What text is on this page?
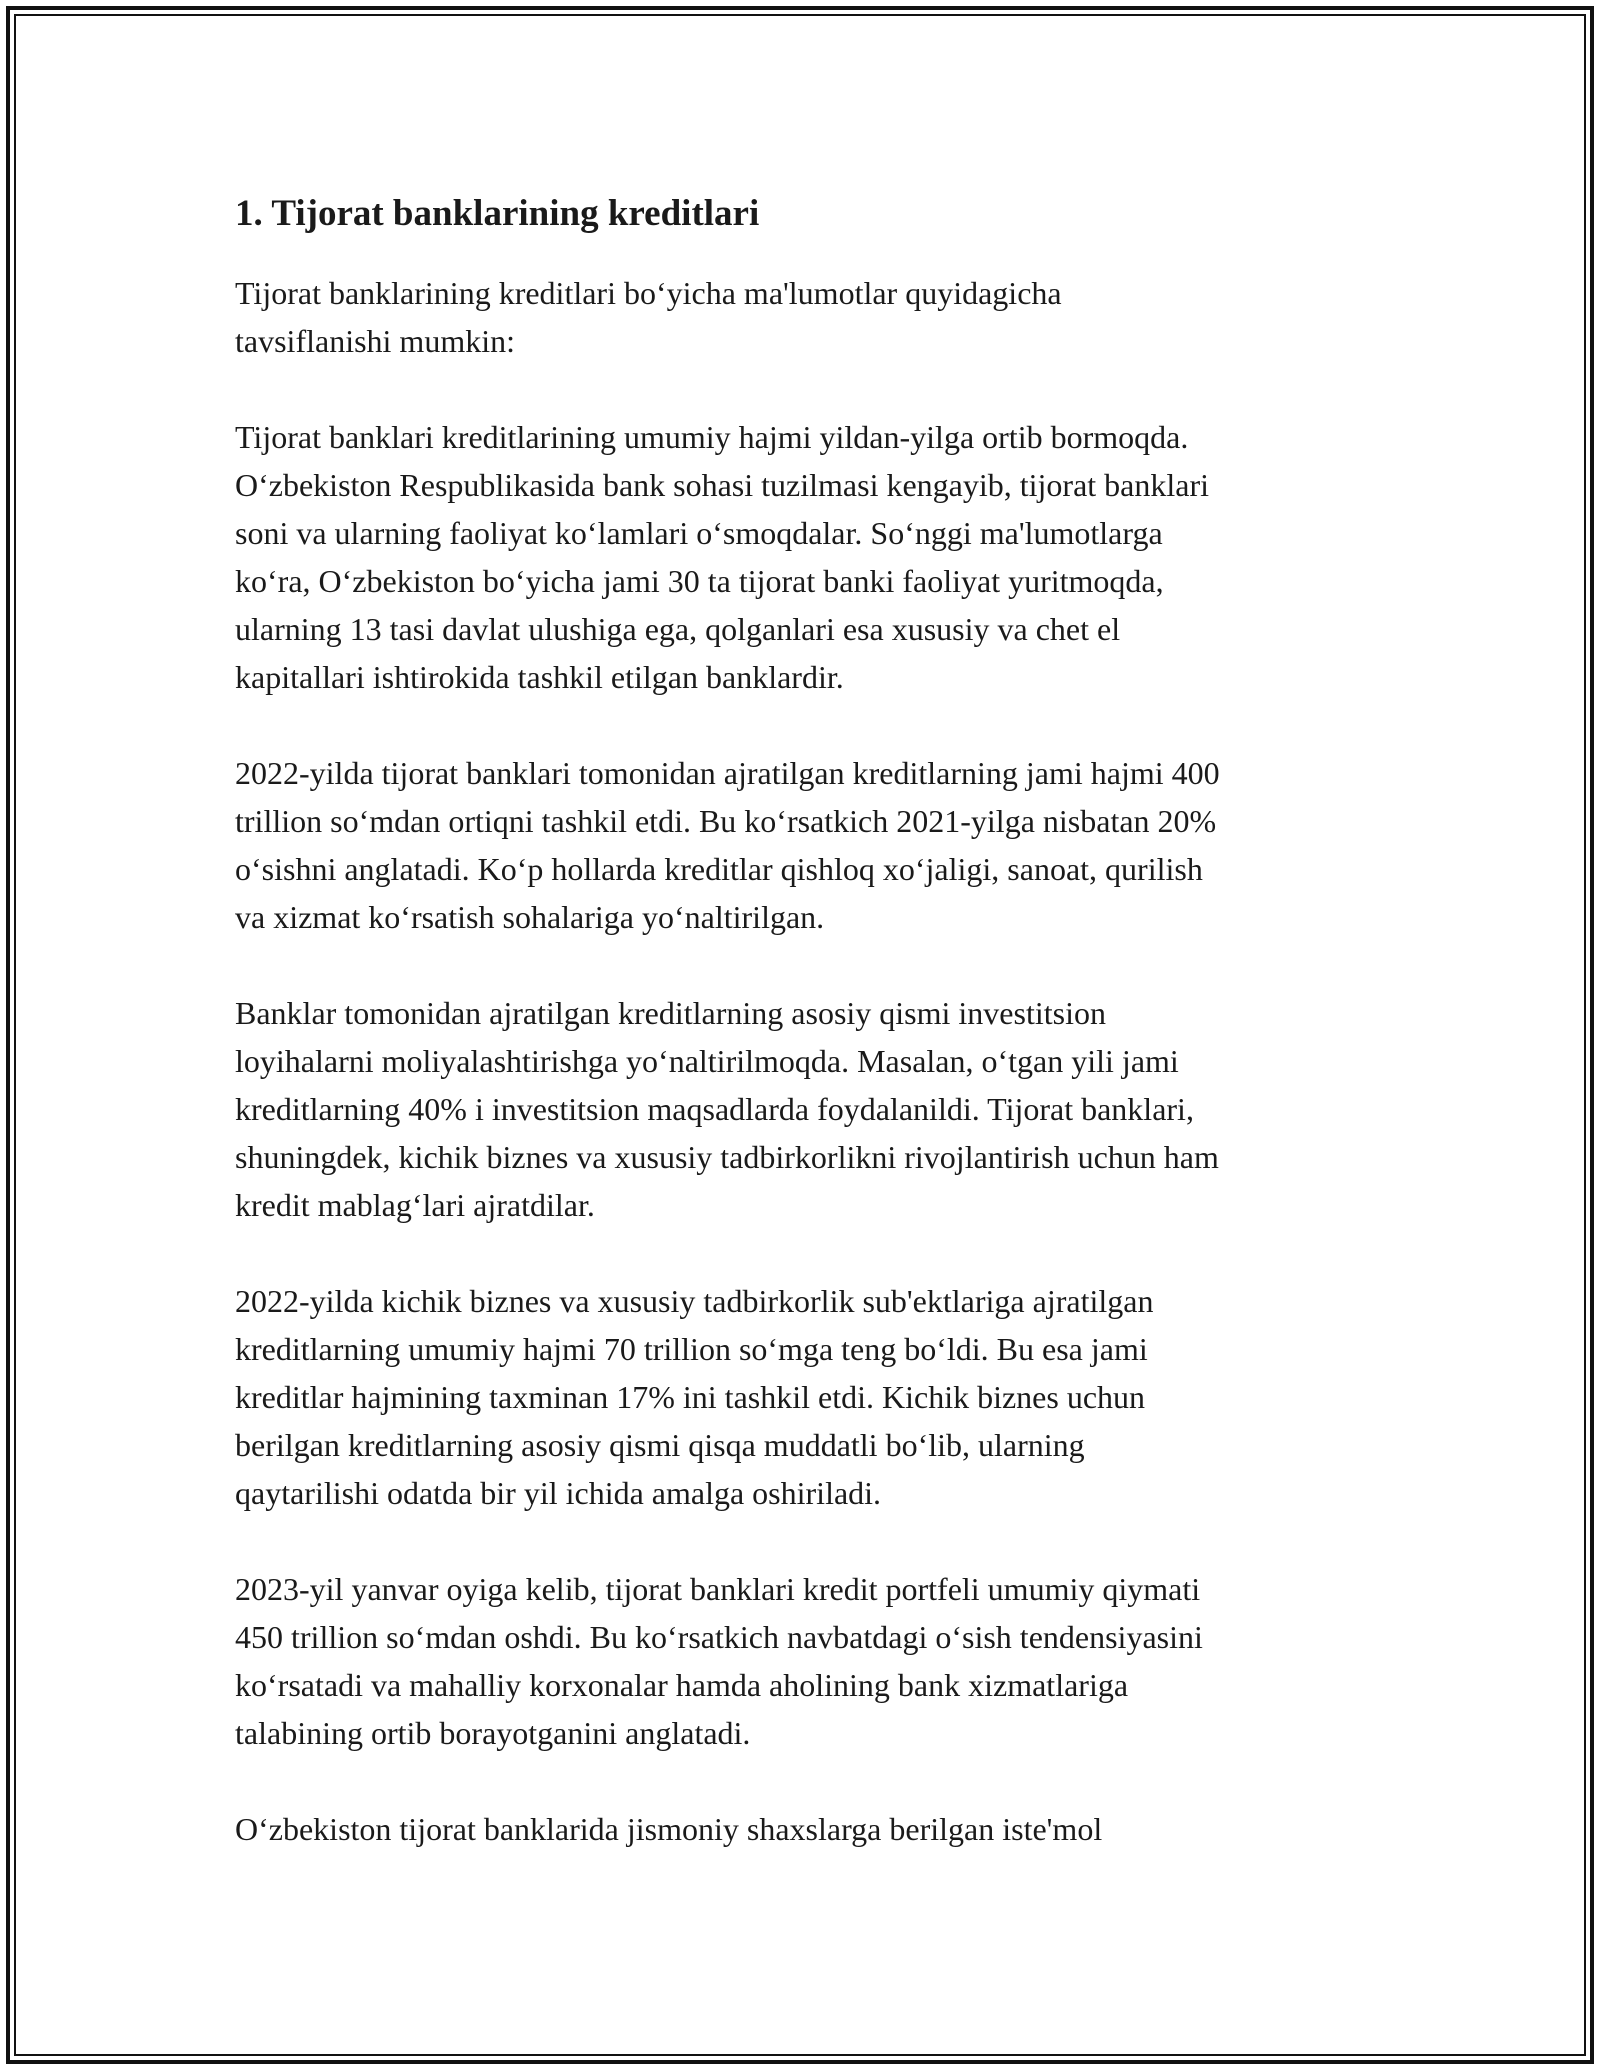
1. Tijorat banklarining kreditlari

Tijorat banklarining kreditlari bo‘yicha ma'lumotlar quyidagicha
tavsiflanishi mumkin:

Tijorat banklari kreditlarining umumiy hajmi yildan-yilga ortib bormoqda.
O‘zbekiston Respublikasida bank sohasi tuzilmasi kengayib, tijorat banklari
soni va ularning faoliyat ko‘lamlari o‘smoqdalar. So‘nggi ma'lumotlarga
ko‘ra, O‘zbekiston bo‘yicha jami 30 ta tijorat banki faoliyat yuritmoqda,
ularning 13 tasi davlat ulushiga ega, qolganlari esa xususiy va chet el
kapitallari ishtirokida tashkil etilgan banklardir.

2022-yilda tijorat banklari tomonidan ajratilgan kreditlarning jami hajmi 400
trillion so‘mdan ortiqni tashkil etdi. Bu ko‘rsatkich 2021-yilga nisbatan 20%
o‘sishni anglatadi. Ko‘p hollarda kreditlar qishloq xo‘jaligi, sanoat, qurilish
va xizmat ko‘rsatish sohalariga yo‘naltirilgan.

Banklar tomonidan ajratilgan kreditlarning asosiy qismi investitsion
loyihalarni moliyalashtirishga yo‘naltirilmoqda. Masalan, o‘tgan yili jami
kreditlarning 40% i investitsion maqsadlarda foydalanildi. Tijorat banklari,
shuningdek, kichik biznes va xususiy tadbirkorlikni rivojlantirish uchun ham
kredit mablag‘lari ajratdilar.

2022-yilda kichik biznes va xususiy tadbirkorlik sub'ektlariga ajratilgan
kreditlarning umumiy hajmi 70 trillion so‘mga teng bo‘ldi. Bu esa jami
kreditlar hajmining taxminan 17% ini tashkil etdi. Kichik biznes uchun
berilgan kreditlarning asosiy qismi qisqa muddatli bo‘lib, ularning
qaytarilishi odatda bir yil ichida amalga oshiriladi.

2023-yil yanvar oyiga kelib, tijorat banklari kredit portfeli umumiy qiymati
450 trillion so‘mdan oshdi. Bu ko‘rsatkich navbatdagi o‘sish tendensiyasini
ko‘rsatadi va mahalliy korxonalar hamda aholining bank xizmatlariga
talabining ortib borayotganini anglatadi.

O‘zbekiston tijorat banklarida jismoniy shaxslarga berilgan iste'mol
